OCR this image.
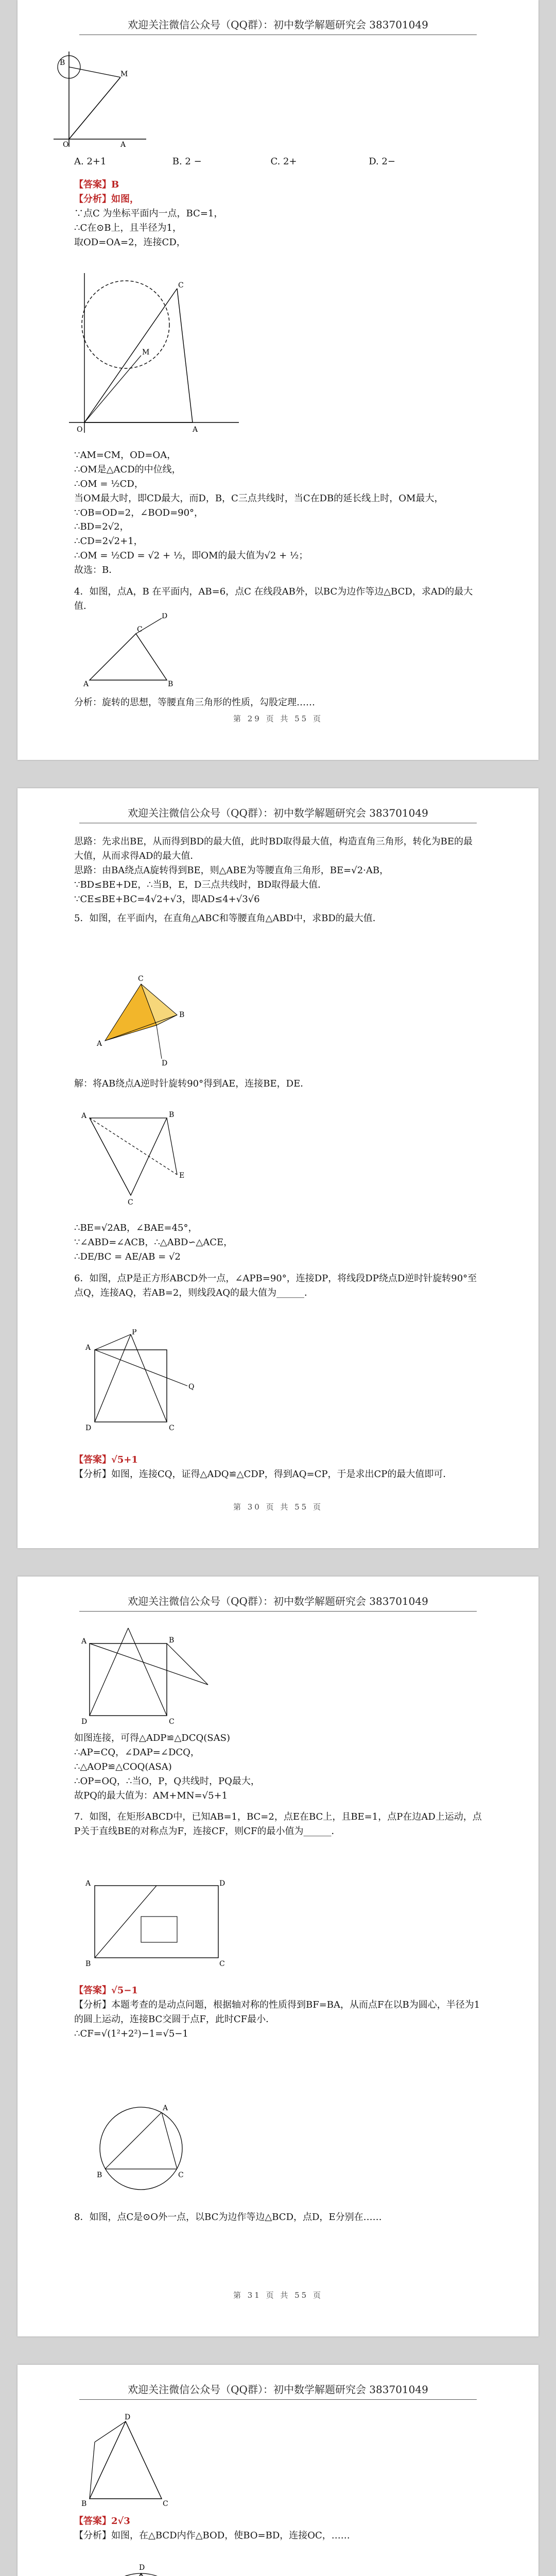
欢迎关注微信公众号（QQ群）：初中数学解题研究会 383701049
O	A
M
B
A. 2+1	B. 2 −	C. 2+	D. 2−

【答案】B

【分析】如图，

∵点C 为坐标平面内一点，BC=1，

∴C在⊙B上，且半径为1，

取OD=OA=2，连接CD，

O	A
C
M

∵AM=CM，OD=OA，

∴OM是△ACD的中位线，

∴OM = ½CD，

当OM最大时，即CD最大，而D，B，C三点共线时，当C在DB的延长线上时，OM最大，

∵OB=OD=2，∠BOD=90°，

∴BD=2√2，

∴CD=2√2+1，

∴OM = ½CD = √2 + ½，即OM的最大值为√2 + ½；

故选：B．

4．如图，点A，B 在平面内，AB=6，点C 在线段AB外，以BC为边作等边△BCD，求AD的最大值．

A	B
C
D

分析：旋转的思想，等腰直角三角形的性质，勾股定理……

第 29 页 共 55 页
欢迎关注微信公众号（QQ群）：初中数学解题研究会 383701049

思路：先求出BE，从而得到BD的最大值，此时BD取得最大值，构造直角三角形，转化为BE的最大值，从而求得AD的最大值．

思路：由BA绕点A旋转得到BE，则△ABE为等腰直角三角形，BE=√2·AB，

∵BD≤BE+DE，∴当B，E，D三点共线时，BD取得最大值．

∵CE≤BE+BC=4√2+√3，即AD≤4+√3√6

5．如图，在平面内，在直角△ABC和等腰直角△ABD中，求BD的最大值．

A
C
B
D

解：将AB绕点A逆时针旋转90°得到AE，连接BE，DE．

A	B
C
E

∴BE=√2AB，∠BAE=45°，

∵∠ABD=∠ACB，∴△ABD∽△ACE，

∴DE/BC = AE/AB = √2

6．如图，点P是正方形ABCD外一点，∠APB=90°，连接DP，将线段DP绕点D逆时针旋转90°至点Q，连接AQ，若AB=2，则线段AQ的最大值为______．

A
D	C
P
Q

【答案】√5+1

【分析】如图，连接CQ，证得△ADQ≌△CDP，得到AQ=CP，于是求出CP的最大值即可．

第 30 页 共 55 页
欢迎关注微信公众号（QQ群）：初中数学解题研究会 383701049
A	B
C
D

如图连接，可得△ADP≌△DCQ(SAS)

∴AP=CQ，∠DAP=∠DCQ，

∴△AOP≌△COQ(ASA)

∴OP=OQ，∴当O，P，Q共线时，PQ最大，

故PQ的最大值为：AM+MN=√5+1

7．如图，在矩形ABCD中，已知AB=1，BC=2，点E在BC上，且BE=1，点P在边AD上运动，点P关于直线BE的对称点为F，连接CF，则CF的最小值为______．

A	D
B	C

【答案】√5−1

【分析】本题考查的是动点问题，根据轴对称的性质得到BF=BA，从而点F在以B为圆心，半径为1的圆上运动，连接BC交圆于点F，此时CF最小．

∴CF=√(1²+2²)−1=√5−1

B	C
A

8．如图，点C是⊙O外一点，以BC为边作等边△BCD，点D，E分别在……

第 31 页 共 55 页
欢迎关注微信公众号（QQ群）：初中数学解题研究会 383701049
B	C
D

【答案】2√3

【分析】如图，在△BCD内作△BOD，使BO=BD，连接OC，……

D
